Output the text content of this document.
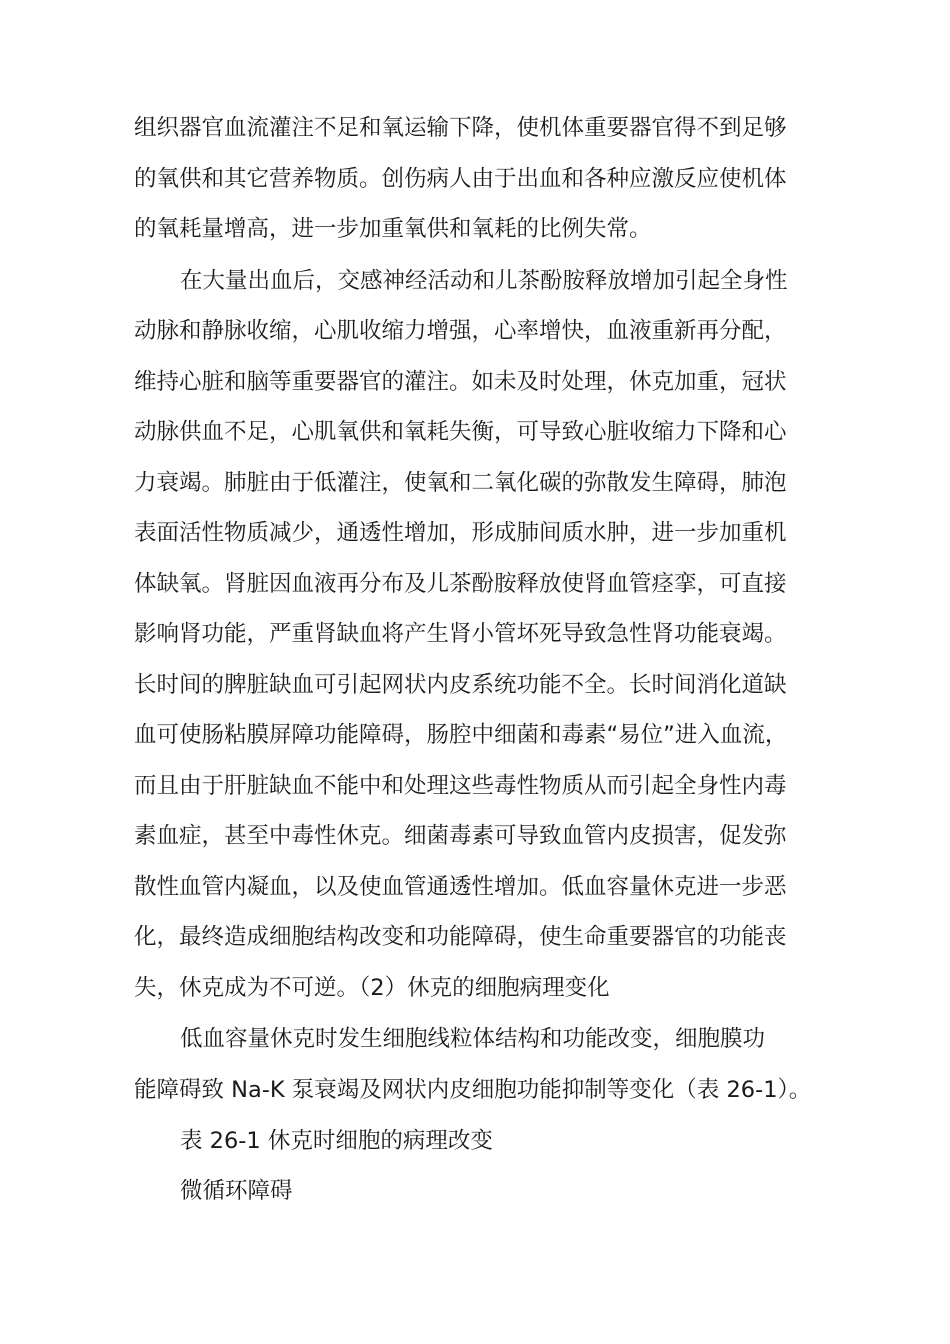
组织器官血流灌注不足和氧运输下降，使机体重要器官得不到足够
的氧供和其它营养物质。创伤病人由于出血和各种应激反应使机体
的氧耗量增高，进一步加重氧供和氧耗的比例失常。
在大量出血后，交感神经活动和儿茶酚胺释放增加引起全身性
动脉和静脉收缩，心肌收缩力增强，心率增快，血液重新再分配，
维持心脏和脑等重要器官的灌注。如未及时处理，休克加重，冠状
动脉供血不足，心肌氧供和氧耗失衡，可导致心脏收缩力下降和心
力衰竭。肺脏由于低灌注，使氧和二氧化碳的弥散发生障碍，肺泡
表面活性物质减少，通透性增加，形成肺间质水肿，进一步加重机
体缺氧。肾脏因血液再分布及儿茶酚胺释放使肾血管痉挛，可直接
影响肾功能，严重肾缺血将产生肾小管坏死导致急性肾功能衰竭。
长时间的脾脏缺血可引起网状内皮系统功能不全。长时间消化道缺
血可使肠粘膜屏障功能障碍，肠腔中细菌和毒素“易位”进入血流，
而且由于肝脏缺血不能中和处理这些毒性物质从而引起全身性内毒
素血症，甚至中毒性休克。细菌毒素可导致血管内皮损害，促发弥
散性血管内凝血，以及使血管通透性增加。低血容量休克进一步恶
化，最终造成细胞结构改变和功能障碍，使生命重要器官的功能丧
失，休克成为不可逆。（2）休克的细胞病理变化
低血容量休克时发生细胞线粒体结构和功能改变，细胞膜功
能障碍致 Na-K 泵衰竭及网状内皮细胞功能抑制等变化（表 26-1）。
表 26-1 休克时细胞的病理改变
微循环障碍
